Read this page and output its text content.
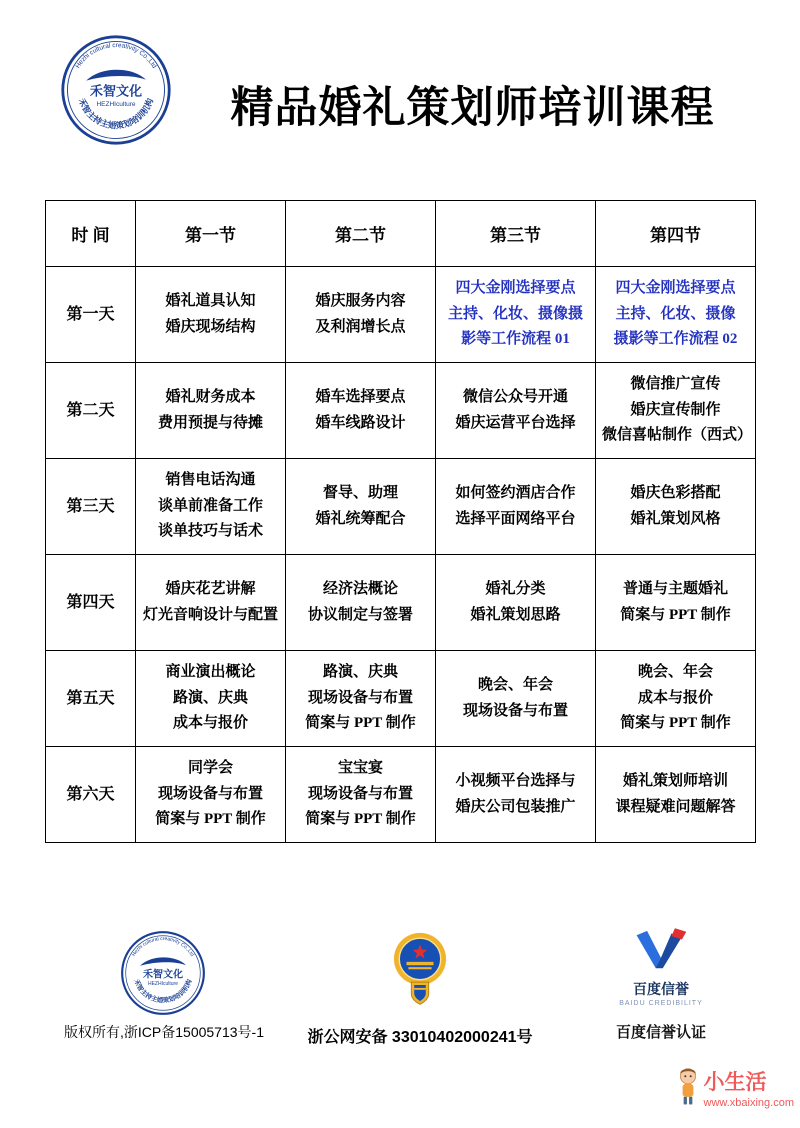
Hezhi cultural creativity Co.,Ltd
禾智主持主婚策划培训机构
禾智文化
HEZHIculture	精品婚礼策划师培训课程
时 间	第一节	第二节	第三节	第四节
第一天	
婚礼道具认知
婚庆现场结构

婚庆服务内容
及利润增长点

四大金刚选择要点
主持、化妆、摄像摄
影等工作流程 01

四大金刚选择要点
主持、化妆、摄像
摄影等工作流程 02

第二天	
婚礼财务成本
费用预提与待摊

婚车选择要点
婚车线路设计

微信公众号开通
婚庆运营平台选择

微信推广宣传
婚庆宣传制作
微信喜帖制作（西式）

第三天	
销售电话沟通
谈单前准备工作
谈单技巧与话术

督导、助理
婚礼统筹配合

如何签约酒店合作
选择平面网络平台

婚庆色彩搭配
婚礼策划风格

第四天	
婚庆花艺讲解
灯光音响设计与配置

经济法概论
协议制定与签署

婚礼分类
婚礼策划思路

普通与主题婚礼
简案与 PPT 制作

第五天	
商业演出概论
路演、庆典
成本与报价

路演、庆典
现场设备与布置
简案与 PPT 制作

晚会、年会
现场设备与布置

晚会、年会
成本与报价
简案与 PPT 制作

第六天	
同学会
现场设备与布置
简案与 PPT 制作

宝宝宴
现场设备与布置
简案与 PPT 制作

小视频平台选择与
婚庆公司包装推广

婚礼策划师培训
课程疑难问题解答
Hezhi cultural creativity Co.,Ltd
禾智主持主婚策划培训机构
禾智文化
HEZHIculture
版权所有,浙ICP备15005713号-1	浙公网安备 33010402000241号
百度信誉
BAIDU CREDIBILITY
百度信誉认证
小生活
www.xbaixing.com
